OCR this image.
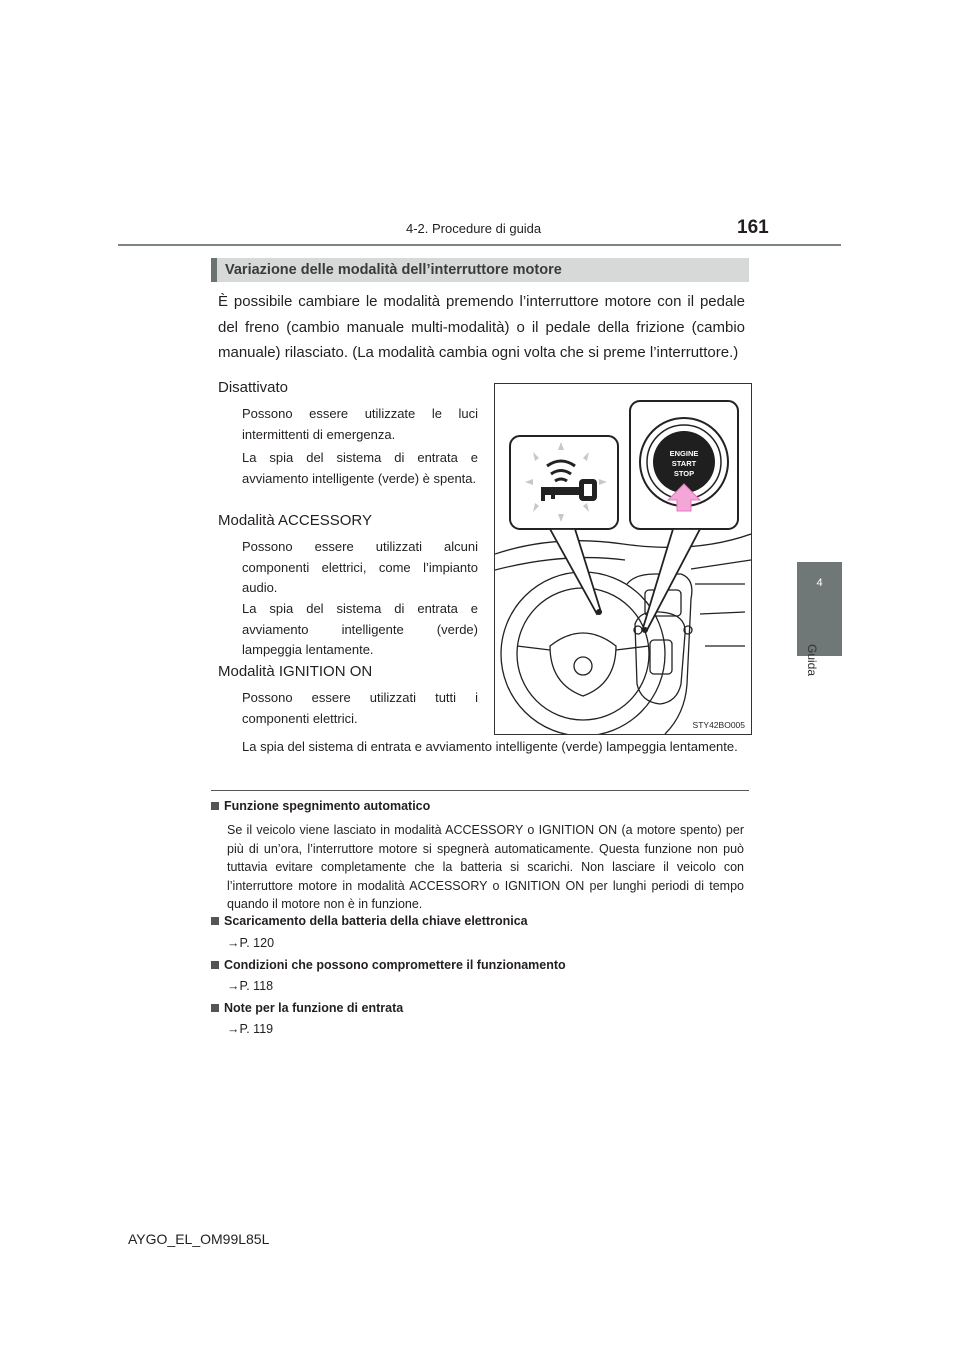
4-2. Procedure di guida	161
4
Guida
Variazione delle modalità dell’interruttore motore
È possibile cambiare le modalità premendo l’interruttore motore con il pedale del freno (cambio manuale multi-modalità) o il pedale della frizione (cambio manuale) rilasciato. (La modalità cambia ogni volta che si preme l’interruttore.)
Disattivato
Possono essere utilizzate le luci intermittenti di emergenza.
La spia del sistema di entrata e avviamento intelligente (verde) è spenta.
Modalità ACCESSORY
Possono essere utilizzati alcuni componenti elettrici, come l’impianto audio.
La spia del sistema di entrata e avviamento intelligente (verde) lampeggia lentamente.
Modalità IGNITION ON
Possono essere utilizzati tutti i componenti elettrici.
La spia del sistema di entrata e avviamento intelligente (verde) lampeggia lentamente.
ENGINE
START
STOP
STY42BO005
Funzione spegnimento automatico
Se il veicolo viene lasciato in modalità ACCESSORY o IGNITION ON (a motore spento) per più di un’ora, l’interruttore motore si spegnerà automaticamente. Questa funzione non può tuttavia evitare completamente che la batteria si scarichi. Non lasciare il veicolo con l’interruttore motore in modalità ACCESSORY o IGNITION ON per lunghi periodi di tempo quando il motore non è in funzione.
Scaricamento della batteria della chiave elettronica
→P. 120
Condizioni che possono compromettere il funzionamento
→P. 118
Note per la funzione di entrata
→P. 119
AYGO_EL_OM99L85L
